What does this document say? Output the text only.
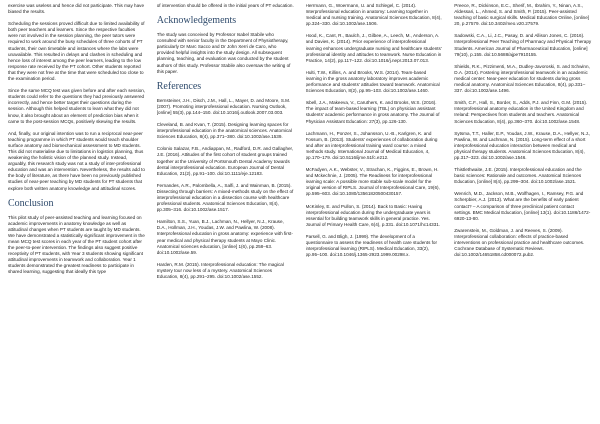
exercise was useless and hence did not participate. This may have biased the results.

Scheduling the sessions proved difficult due to limited availability of both peer teachers and learners. Since the respective faculties were not involved in the session planning, the peer tutors were required to work around the busy schedules of three cohorts of PT students, their own timetable and instances where the labs were unavailable. This resulted in delays and clashes in scheduling and hence loss of interest among the peer learners, leading to the low response rate received by the PT cohort. Other students reported that they were not free at the time that were scheduled too close to the examination period.

Since the same MCQ test was given before and after each session, students could refer to the questions they had previously answered incorrectly, and hence better target their questions during the session. Although this helped students to learn what they did not know, it also brought about an element of prediction bias when it came to the post-session MCQs, positively skewing the results.

And, finally, our original intention was to run a reciprocal near-peer teaching programme in which PT students would teach shoulder surface anatomy and biomechanical assessment to MD students. This did not materialise due to limitations in logistics planning, thus weakening the holistic vision of the planned study. Instead, arguably, this research study was not a study of inter-professional education and was an intervention. Nevertheless, the results add to the body of literature, as there have been no previously published studies of near-peer teaching by MD students for PT students that explore both written anatomy knowledge and attitudinal scores.

Conclusion

This pilot study of peer-assisted teaching and learning focused on academic improvements in anatomy knowledge as well as attitudinal changes when PT students are taught by MD students. We have demonstrated a statistically significant improvement in the mean MCQ test scores in each year of the PT student cohort after the peer-to-peer intervention. The findings also suggest positive receptivity of PT students, with Year 3 students showing significant attitudinal improvements in teamwork and collaboration. Year 1 students demonstrated the greatest readiness to participate in shared learning, suggesting that ideally this type

of intervention should be offered in the initial years of PT education.

Acknowledgements

The study was conceived by Professor Isabel Stabile who consulted with senior faculty in the Department of Physiotherapy, particularly Dr Marc Sacco and Dr John Xerri de Caro, who provided helpful insights into the study design. All subsequent planning, teaching, and evaluation was conducted by the student authors of this study. Professor Stabile also oversaw the writing of this paper.

References

Bernsteiner, J.H., Disch, J.M., Hall, L., Mayer, D. and Moore, S.M. (2007). Promoting interprofessional education. Nursing Outlook, [online] 55(3), pp.144–150. doi:10.1016/j.outlook.2007.03.003.

Cleveland, B. and Kvan, T. (2015). Designing learning spaces for interprofessional education in the anatomical sciences. Anatomical Sciences Education, 8(4), pp.371–380. doi:10.1002/ase.1539.

Colonio Salazar, F.B., Andiappan, M., Radford, D.R. and Gallagher, J.E. (2016). Attitudes of the first cohort of student groups trained together at the University of Portsmouth Dental Academy towards dental interprofessional education. European Journal of Dental Education, 21(2), pp.91–100. doi:10.1111/eje.12183.

Fernandes, A.R., Palombella, A., Salfi, J. and Wainman, B. (2015). Dissecting through barriers: A mixed-methods study on the effect of interprofessional education in a dissection course with healthcare professional students. Anatomical Sciences Education, 8(4), pp.305–316. doi:10.1002/ase.1517.

Hamilton, S.S., Yuan, B.J., Lachman, N., Hellyer, N.J., Krause, D.A., Hollman, J.H., Youdas, J.W. and Pawlina, W. (2008). Interprofessional education in gross anatomy: experience with first-year medical and physical therapy students at Mayo Clinic. Anatomical sciences education, [online] 1(6), pp.258–63. doi:10.1002/ase.59.

Harden, R.M. (2015). Interprofessional education: The magical mystery tour now less of a mystery. Anatomical Sciences Education, 8(4), pp.291–295. doi:10.1002/ase.1552.

Herrmann, G., Woermann, U. and Schlegel, C. (2014). Interprofessional education in anatomy: Learning together in medical and nursing training. Anatomical Sciences Education, 8(4), pp.324–330. doi:10.1002/ase.1506.

Hood, K., Cant, R., Baulch, J., Gilbee, A., Leech, M., Anderson, A. and Davies, K. (2014). Prior experience of interprofessional learning enhances undergraduate nursing and healthcare students' professional identity and attitudes to teamwork. Nurse Education in Practice, 14(2), pp.117–122. doi:10.1016/j.nepr.2013.07.013.

Hulti, T.W., Killins, A. and Brooks, W.S. (2014). Team-based learning in the gross anatomy laboratory improves academic performance and students' attitudes toward teamwork. Anatomical Sciences Education, 8(2), pp.95–103. doi:10.1002/ase.1460.

Isbell, J.A., Makeeva, V., Caruthers, K. and Brooks, W.S. (2016). The impact of team-based learning (TBL) on physician assistant students' academic performance in gross anatomy. The Journal of Physician Assistant Education: 27(3), pp.126-130.

Lachmann, H., Ponzer, S., Johansson, U.-B., Karlgren, K. and Fossum, B. (2013). Students' experiences of collaboration during and after an interprofessional training ward course: a mixed methods study. International Journal of Medical Education, 4, pp.170–179. doi:10.5116/ijme.51fc.e212.

McFadyen, A.K., Webster, V., Strachan, K., Figgins, E., Brown, H. and Mckechnie, J. (2005). The Readiness for interprofessional learning scale: A possible more stable sub-scale model for the original version of RIPLS. Journal of Interprofessional Care, 19(6), pp.595–603. doi:10.1080/13561820500430157.

McKinley, E. and Pullon, S. (2014). Back to Basic: Having interprofessional education during the undergraduate years is essential for building teamwork skills in general practice. Yes. Journal of Primary Health Care, 6(4), p.331. doi:10.1071/hc14331.

Parsell, G. and Bligh, J. (1999). The development of a questionnaire to assess the readiness of health care students for interprofessional learning (RIPLS). Medical Education, 33(2), pp.95–100. doi:10.1046/j.1365-2923.1999.00298.x.

Preece, R., Dickinson, E.C., Sherif, M., Ibrahim, Y., Ninan, A.S., Aldessari, L., Ahmed, S. and Smith, P. (2015). Peer-assisted teaching of basic surgical skills. Medical Education Online, [online] 20, p.27579. doi:10.3402/meo.v20.27579.

Sadowski, C.A., Li, J.C., Pasay, D. and Allison Jones, C. (2016). Interprofessional Peer Teaching of Pharmacy and Physical Therapy Students. American Journal of Pharmaceutical Education, [online] 79(10), p.155. doi:10.5688/ajpe7910155.

Shields, R.K., Pizzimenti, M.A., Dudley-Javoroski, S. and Schwinn, D.A. (2014). Fostering interprofessional teamwork in an academic medical center: Near-peer education for students during gross medical anatomy. Anatomical Sciences Education, 8(4), pp.331–337. doi:10.1002/ase.1496.

Smith, C.F., Hall, S., Border, S., Adds, P.J. and Finn, G.M. (2015). Interprofessional anatomy education in the United Kingdom and Ireland: Perspectives from students and teachers. Anatomical Sciences Education, 8(4), pp.360–370. doi:10.1002/ase.1548.

Sytsma, T.T., Haller, E.P., Youdas, J.W., Krause, D.A., Hellyer, N.J., Pawlina, W. and Lachman, N. (2015). Long-term effect of a short interprofessional education interaction between medical and physical therapy students. Anatomical Sciences Education, 8(4), pp.317–323. doi:10.1002/ase.1546.

Thistlethwaite, J.E. (2015). Interprofessional education and the basic sciences: Rationale and outcomes. Anatomical Sciences Education, [online] 8(4), pp.299–304. doi:10.1002/ase.1521.

Wenrich, M.D., Jackson, M.B., Wolfhagen, I., Ramsey, P.G. and Scherpbier, A.J. (2013). What are the benefits of early patient contact? – A comparison of three preclinical patient contact settings. BMC Medical Education, [online] 13(1). doi:10.1186/1472-6920-13-80.

Zwarenstein, M., Goldman, J. and Reeves, S. (2009). Interprofessional collaboration: effects of practice-based interventions on professional practice and healthcare outcomes. Cochrane Database of Systematic Reviews. doi:10.1002/14651858.cd000072.pub2.
